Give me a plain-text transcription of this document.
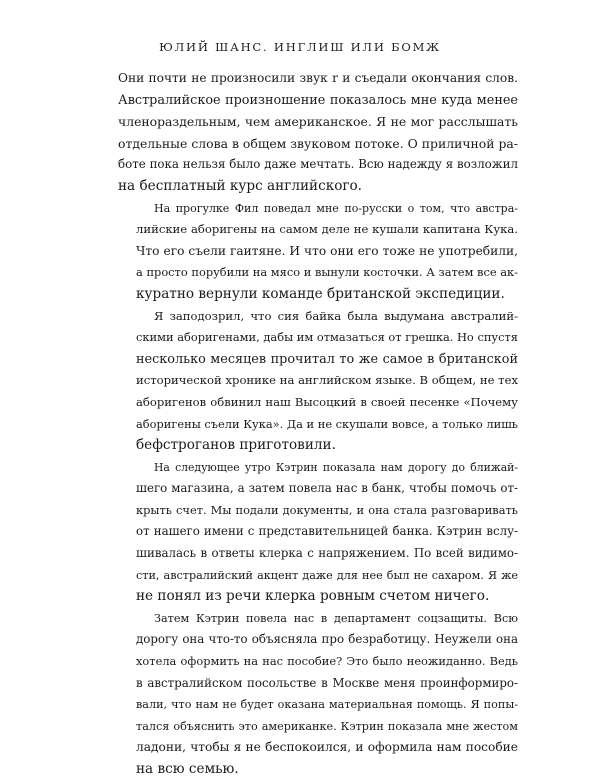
ЮЛИЙ ШАНС. ИНГЛИШ ИЛИ БОМЖ

Они почти не произносили звук r и съедали окончания слов.
Австралийское произношение показалось мне куда менее
членораздельным, чем американское. Я не мог расслышать
отдельные слова в общем звуковом потоке. О приличной ра-
боте пока нельзя было даже мечтать. Всю надежду я возложил
на бесплатный курс английского.

На прогулке Фил поведал мне по-русски о том, что австра-
лийские аборигены на самом деле не кушали капитана Кука.
Что его съели гаитяне. И что они его тоже не употребили,
а просто порубили на мясо и вынули косточки. А затем все ак-
куратно вернули команде британской экспедиции.

Я заподозрил, что сия байка была выдумана австралий-
скими аборигенами, дабы им отмазаться от грешка. Но спустя
несколько месяцев прочитал то же самое в британской
исторической хронике на английском языке. В общем, не тех
аборигенов обвинил наш Высоцкий в своей песенке «Почему
аборигены съели Кука». Да и не скушали вовсе, а только лишь
бефстроганов приготовили.

На следующее утро Кэтрин показала нам дорогу до ближай-
шего магазина, а затем повела нас в банк, чтобы помочь от-
крыть счет. Мы подали документы, и она стала разговаривать
от нашего имени с представительницей банка. Кэтрин вслу-
шивалась в ответы клерка с напряжением. По всей видимо-
сти, австралийский акцент даже для нее был не сахаром. Я же
не понял из речи клерка ровным счетом ничего.

Затем Кэтрин повела нас в департамент соцзащиты. Всю
дорогу она что-то объясняла про безработицу. Неужели она
хотела оформить на нас пособие? Это было неожиданно. Ведь
в австралийском посольстве в Москве меня проинформиро-
вали, что нам не будет оказана материальная помощь. Я попы-
тался объяснить это американке. Кэтрин показала мне жестом
ладони, чтобы я не беспокоился, и оформила нам пособие
на всю семью.
